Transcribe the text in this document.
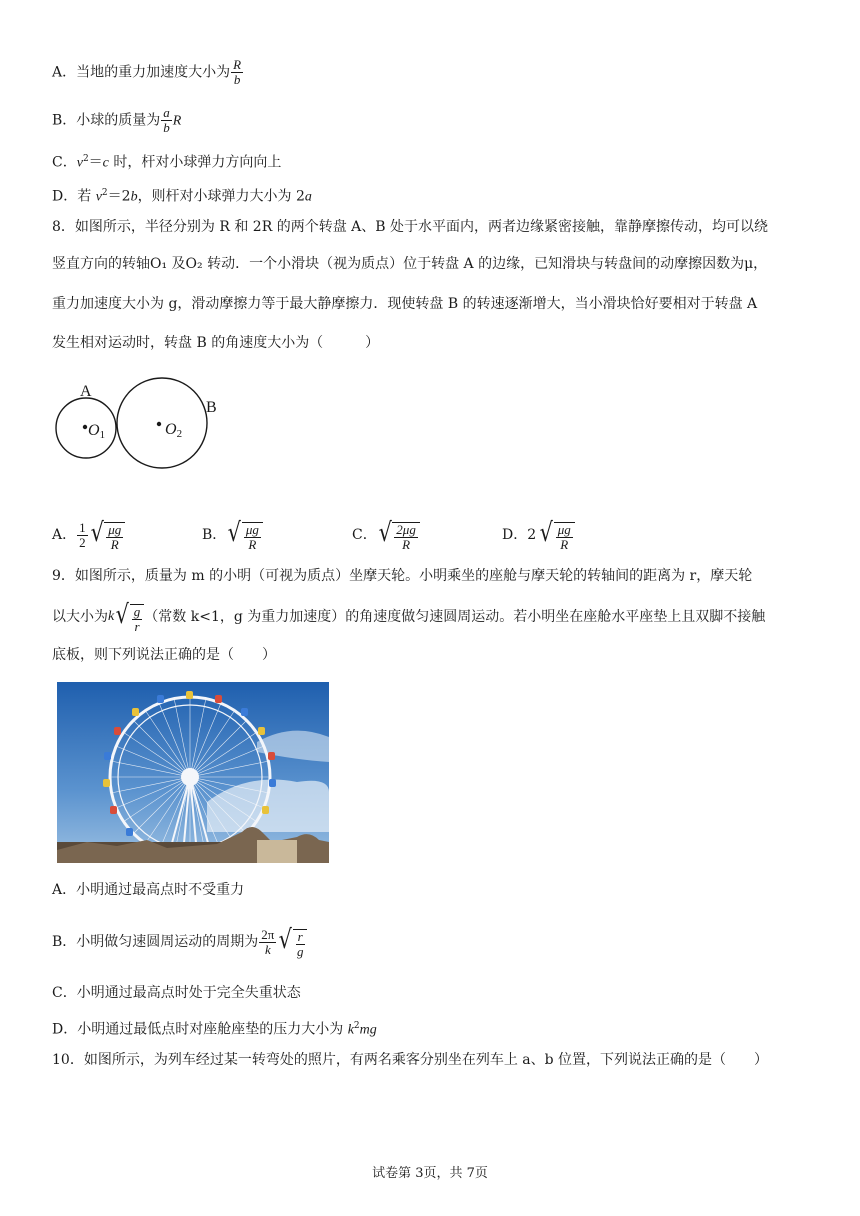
A．当地的重力加速度大小为 $\frac{R}{b}$
B．小球的质量为 $\frac{a}{b}$ R
C．$v^2=c$ 时，杆对小球弹力方向向上
D．若 $v^2=2b$，则杆对小球弹力大小为 2a
8．如图所示，半径分别为 R 和 2R 的两个转盘 A、B 处于水平面内，两者边缘紧密接触，靠静摩擦传动，均可以绕
竖直方向的转轴O₁ 及O₂ 转动．一个小滑块（视为质点）位于转盘 A 的边缘，已知滑块与转盘间的动摩擦因数为μ，
重力加速度大小为 g，滑动摩擦力等于最大静摩擦力．现使转盘 B 的转速逐渐增大，当小滑块恰好要相对于转盘 A
发生相对运动时，转盘 B 的角速度大小为（　　　）
A
B
O1	O2
A． $\frac{1}{2}$ √ $\frac{\mu g}{R}$	B． √ $\frac{\mu g}{R}$	C． √ $\frac{2\mu g}{R}$	D． 2 √ $\frac{\mu g}{R}$
9．如图所示，质量为 m 的小明（可视为质点）坐摩天轮。小明乘坐的座舱与摩天轮的转轴间的距离为 r，摩天轮
以大小为 k √ $\frac{g}{r}$ （常数 k<1，g 为重力加速度）的角速度做匀速圆周运动。若小明坐在座舱水平座垫上且双脚不接触
底板，则下列说法正确的是（　　）
A．小明通过最高点时不受重力
B．小明做匀速圆周运动的周期为 $\frac{2\pi}{k}$ √ $\frac{r}{g}$
C．小明通过最高点时处于完全失重状态
D．小明通过最低点时对座舱座垫的压力大小为 $k^2mg$
10．如图所示，为列车经过某一转弯处的照片，有两名乘客分别坐在列车上 a、b 位置，下列说法正确的是（　　）
试卷第 3页，共 7页
